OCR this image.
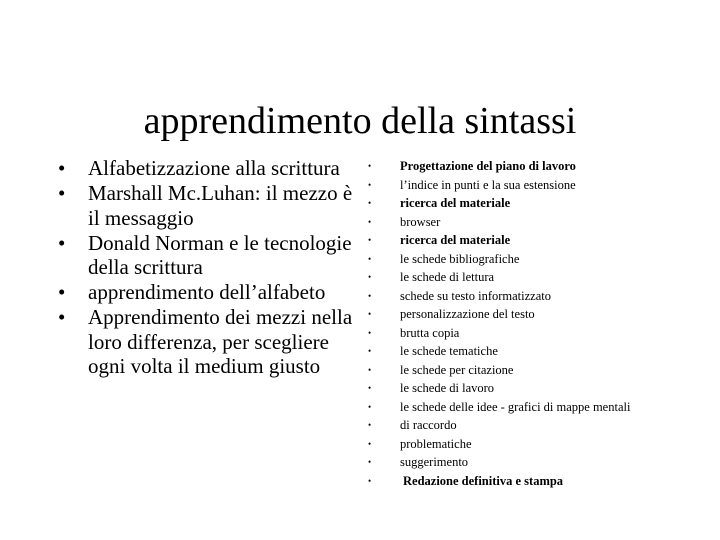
apprendimento della sintassi
• Alfabetizzazione alla scrittura
• Marshall Mc.Luhan: il mezzo è il messaggio
• Donald Norman e le tecnologie della scrittura
• apprendimento dell’alfabeto
• Apprendimento dei mezzi nella loro differenza, per scegliere ogni volta il medium giusto
• Progettazione del piano di lavoro
• l’indice in punti e la sua estensione
• ricerca del materiale
• browser
• ricerca del materiale
• le schede bibliografiche
• le schede di lettura
• schede su testo informatizzato
• personalizzazione del testo
• brutta copia
• le schede tematiche
• le schede per citazione
• le schede di lavoro
• le schede delle idee - grafici di mappe mentali
• di raccordo
• problematiche
• suggerimento
•	Redazione definitiva e stampa
